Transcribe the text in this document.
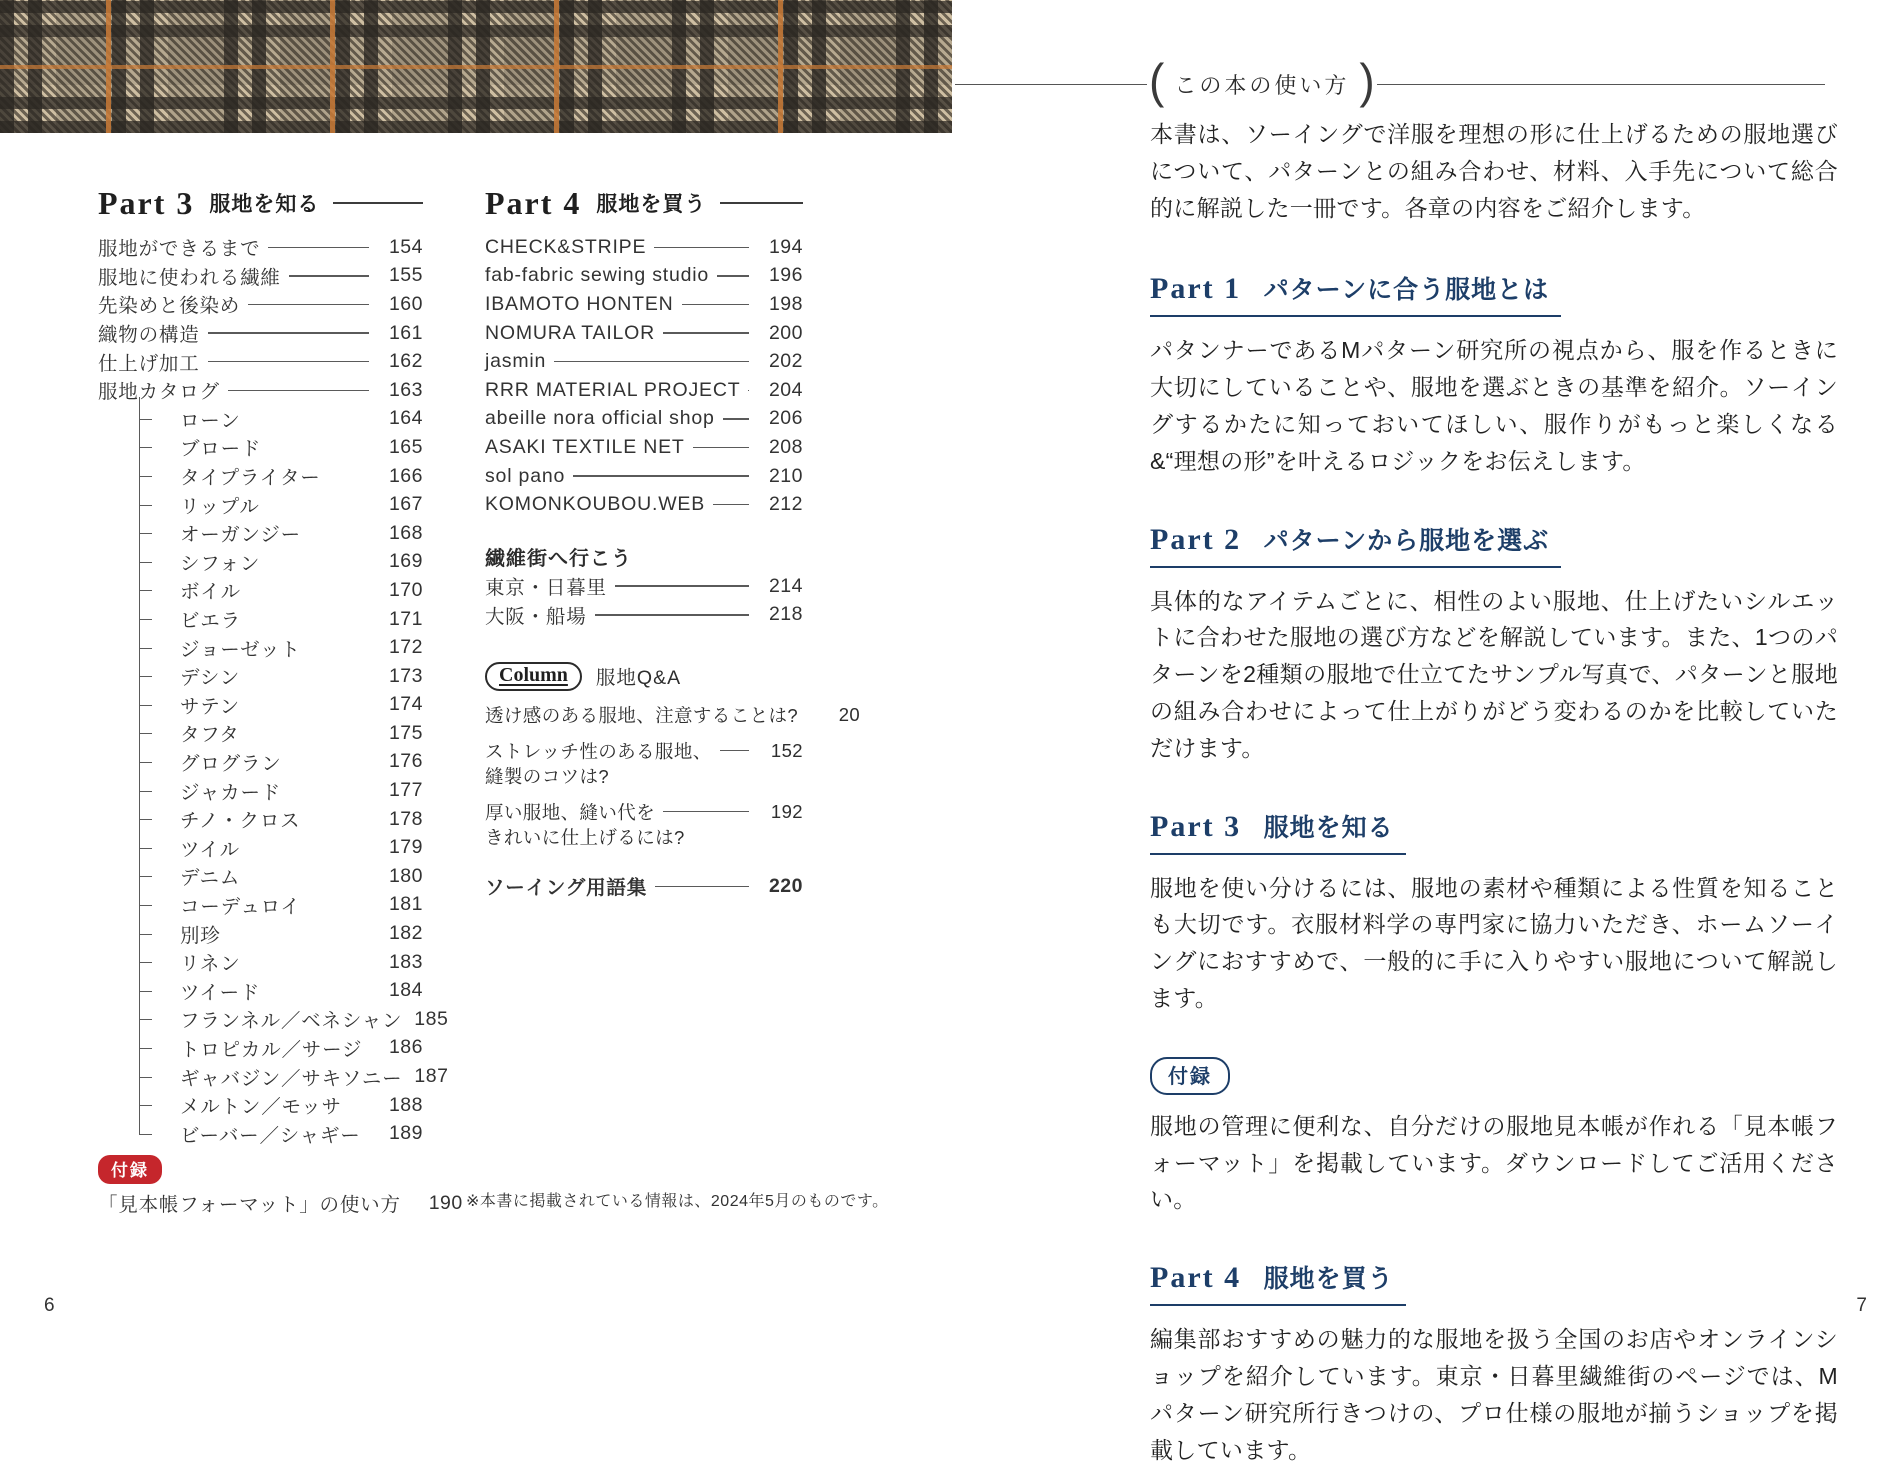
Part 3 服地を知る
服地ができるまで	154
服地に使われる繊維	155
先染めと後染め	160
織物の構造	161
仕上げ加工	162
服地カタログ	163
ローン	164
ブロード	165
タイプライター	166
リップル	167
オーガンジー	168
シフォン	169
ボイル	170
ビエラ	171
ジョーゼット	172
デシン	173
サテン	174
タフタ	175
グログラン	176
ジャカード	177
チノ・クロス	178
ツイル	179
デニム	180
コーデュロイ	181
別珍	182
リネン	183
ツイード	184
フランネル／ベネシャン 185
トロピカル／サージ	186
ギャバジン／サキソニー 187
メルトン／モッサ	188
ビーバー／シャギー	189
付録
「見本帳フォーマット」の使い方	190
Part 4 服地を買う
CHECK&STRIPE	194
fab-fabric sewing studio	196
IBAMOTO HONTEN	198
NOMURA TAILOR	200
jasmin	202
RRR MATERIAL PROJECT	204
abeille nora official shop	206
ASAKI TEXTILE NET	208
sol pano	210
KOMONKOUBOU.WEB	212
繊維街へ行こう
東京・日暮里	214
大阪・船場	218
Column	服地Q&A
透け感のある服地、注意することは?	20
ストレッチ性のある服地、	152
縫製のコツは?
厚い服地、縫い代を	192
きれいに仕上げるには?
ソーイング用語集	220
※本書に掲載されている情報は、2024年5月のものです。
( この本の使い方 )

本書は、ソーイングで洋服を理想の形に仕上げるための服地選びについて、パターンとの組み合わせ、材料、入手先について総合的に解説した一冊です。各章の内容をご紹介します。

Part 1 パターンに合う服地とは

パタンナーであるMパターン研究所の視点から、服を作るときに大切にしていることや、服地を選ぶときの基準を紹介。ソーイングするかたに知っておいてほしい、服作りがもっと楽しくなる&“理想の形”を叶えるロジックをお伝えします。

Part 2 パターンから服地を選ぶ

具体的なアイテムごとに、相性のよい服地、仕上げたいシルエットに合わせた服地の選び方などを解説しています。また、1つのパターンを2種類の服地で仕立てたサンプル写真で、パターンと服地の組み合わせによって仕上がりがどう変わるのかを比較していただけます。

Part 3 服地を知る

服地を使い分けるには、服地の素材や種類による性質を知ることも大切です。衣服材料学の専門家に協力いただき、ホームソーイングにおすすめで、一般的に手に入りやすい服地について解説します。

付録

服地の管理に便利な、自分だけの服地見本帳が作れる「見本帳フォーマット」を掲載しています。ダウンロードしてご活用ください。

Part 4 服地を買う

編集部おすすめの魅力的な服地を扱う全国のお店やオンラインショップを紹介しています。東京・日暮里繊維街のページでは、Mパターン研究所行きつけの、プロ仕様の服地が揃うショップを掲載しています。

6	7
